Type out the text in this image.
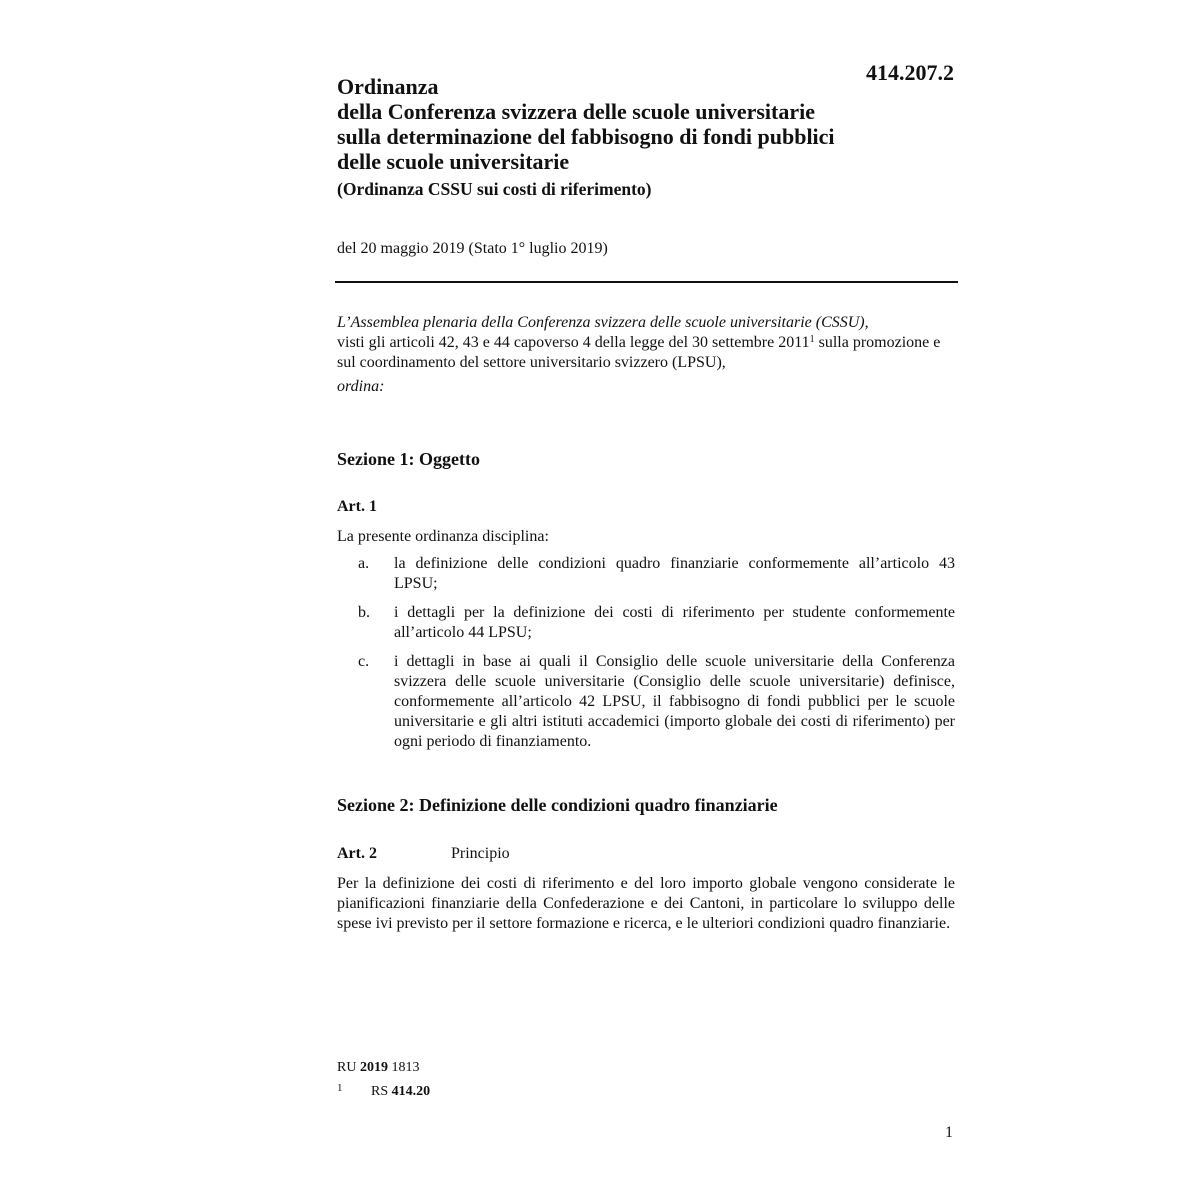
414.207.2
Ordinanza
della Conferenza svizzera delle scuole universitarie
sulla determinazione del fabbisogno di fondi pubblici
delle scuole universitarie
(Ordinanza CSSU sui costi di riferimento)
del 20 maggio 2019 (Stato 1° luglio 2019)
L’Assemblea plenaria della Conferenza svizzera delle scuole universitarie (CSSU),
visti gli articoli 42, 43 e 44 capoverso 4 della legge del 30 settembre 2011$^1$ sulla promozione e sul coordinamento del settore universitario svizzero (LPSU),
ordina:
Sezione 1: Oggetto
Art. 1
La presente ordinanza disciplina:
a. la definizione delle condizioni quadro finanziarie conformemente all’articolo 43 LPSU;
b. i dettagli per la definizione dei costi di riferimento per studente conformemente all’articolo 44 LPSU;
c. i dettagli in base ai quali il Consiglio delle scuole universitarie della Conferenza svizzera delle scuole universitarie (Consiglio delle scuole universitarie) definisce, conformemente all’articolo 42 LPSU, il fabbisogno di fondi pubblici per le scuole universitarie e gli altri istituti accademici (importo globale dei costi di riferimento) per ogni periodo di finanziamento.
Sezione 2: Definizione delle condizioni quadro finanziarie
Art. 2	Principio
Per la definizione dei costi di riferimento e del loro importo globale vengono considerate le pianificazioni finanziarie della Confederazione e dei Cantoni, in particolare lo sviluppo delle spese ivi previsto per il settore formazione e ricerca, e le ulteriori condizioni quadro finanziarie.
RU 2019 1813
1 RS 414.20
1
